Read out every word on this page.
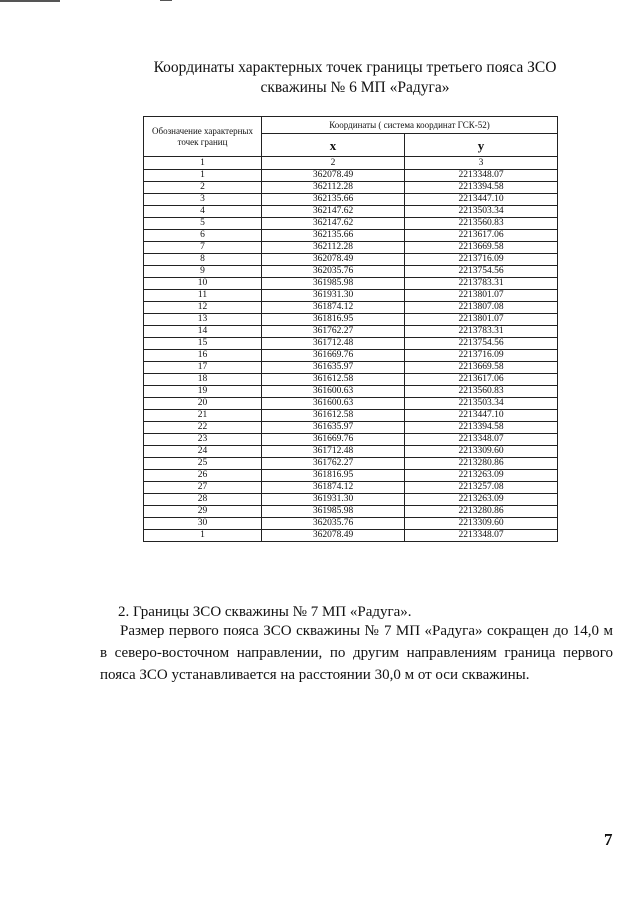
Координаты характерных точек границы третьего пояса ЗСО
скважины № 6 МП «Радуга»
Обозначение характерных точек границ	Координаты ( система координат ГСК-52)	
	x	y
1	2	3
1	362078.49	2213348.07
2	362112.28	2213394.58
3	362135.66	2213447.10
4	362147.62	2213503.34
5	362147.62	2213560.83
6	362135.66	2213617.06
7	362112.28	2213669.58
8	362078.49	2213716.09
9	362035.76	2213754.56
10	361985.98	2213783.31
11	361931.30	2213801.07
12	361874.12	2213807.08
13	361816.95	2213801.07
14	361762.27	2213783.31
15	361712.48	2213754.56
16	361669.76	2213716.09
17	361635.97	2213669.58
18	361612.58	2213617.06
19	361600.63	2213560.83
20	361600.63	2213503.34
21	361612.58	2213447.10
22	361635.97	2213394.58
23	361669.76	2213348.07
24	361712.48	2213309.60
25	361762.27	2213280.86
26	361816.95	2213263.09
27	361874.12	2213257.08
28	361931.30	2213263.09
29	361985.98	2213280.86
30	362035.76	2213309.60
1	362078.49	2213348.07
2. Границы ЗСО скважины № 7 МП «Радуга».
Размер первого пояса ЗСО скважины № 7 МП «Радуга» сокращен до 14,0 м в северо-восточном направлении, по другим направлениям граница первого пояса ЗСО устанавливается на расстоянии 30,0 м от оси скважины.
7
